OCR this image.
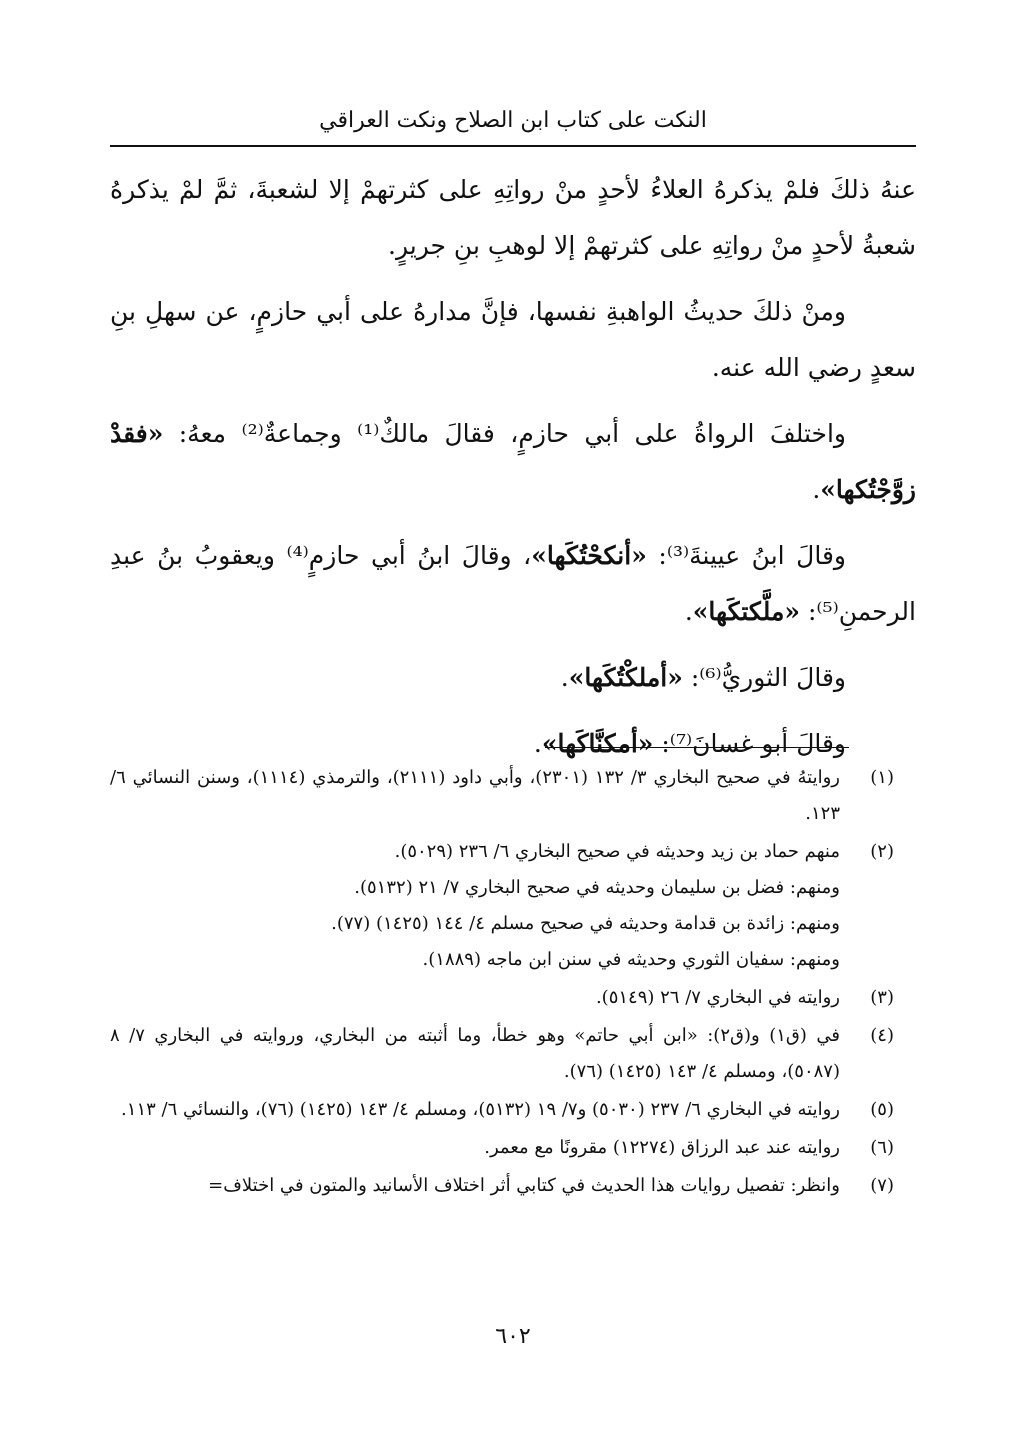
النكت على كتاب ابن الصلاح ونكت العراقي

عنهُ ذلكَ فلمْ يذكرهُ العلاءُ لأحدٍ منْ رواتِهِ على كثرتهمْ إلا لشعبةَ، ثمَّ لمْ يذكرهُ شعبةُ لأحدٍ منْ رواتِهِ على كثرتهمْ إلا لوهبِ بنِ جريرٍ.

ومنْ ذلكَ حديثُ الواهبةِ نفسها، فإنَّ مدارهُ على أبي حازمٍ، عن سهلِ بنِ سعدٍ رضي الله عنه.

واختلفَ الرواةُ على أبي حازمٍ، فقالَ مالكٌ⁽¹⁾ وجماعةٌ⁽²⁾ معهُ: «فقدْ زوَّجْتُكها».

وقالَ ابنُ عيينةَ⁽³⁾: «أنكحْتُكَها»، وقالَ ابنُ أبي حازمٍ⁽⁴⁾ ويعقوبُ بنُ عبدِ الرحمنِ⁽⁵⁾: «ملَّكتكَها».

وقالَ الثوريُّ⁽⁶⁾: «أملكْتُكَها».

وقالَ أبو غسانَ⁽⁷⁾: «أمكنَّاكَها».

(١)
روايتهُ في صحيح البخاري ٣/ ١٣٢ (٢٣٠١)، وأبي داود (٢١١١)، والترمذي (١١١٤)، وسنن النسائي ٦/ ١٢٣.
(٢)
منهم حماد بن زيد وحديثه في صحيح البخاري ٦/ ٢٣٦ (٥٠٢٩).
ومنهم: فضل بن سليمان وحديثه في صحيح البخاري ٧/ ٢١ (٥١٣٢).
ومنهم: زائدة بن قدامة وحديثه في صحيح مسلم ٤/ ١٤٤ (١٤٢٥) (٧٧).
ومنهم: سفيان الثوري وحديثه في سنن ابن ماجه (١٨٨٩).
(٣)
روايته في البخاري ٧/ ٢٦ (٥١٤٩).
(٤)
في (ق١) و(ق٢): «ابن أبي حاتم» وهو خطأ، وما أثبته من البخاري، وروايته في البخاري ٧/ ٨ (٥٠٨٧)، ومسلم ٤/ ١٤٣ (١٤٢٥) (٧٦).
(٥)
روايته في البخاري ٦/ ٢٣٧ (٥٠٣٠) و٧/ ١٩ (٥١٣٢)، ومسلم ٤/ ١٤٣ (١٤٢٥) (٧٦)، والنسائي ٦/ ١١٣.
(٦)
روايته عند عبد الرزاق (١٢٢٧٤) مقرونًا مع معمر.
(٧)
وانظر: تفصيل روايات هذا الحديث في كتابي أثر اختلاف الأسانيد والمتون في اختلاف=
٦٠٢
